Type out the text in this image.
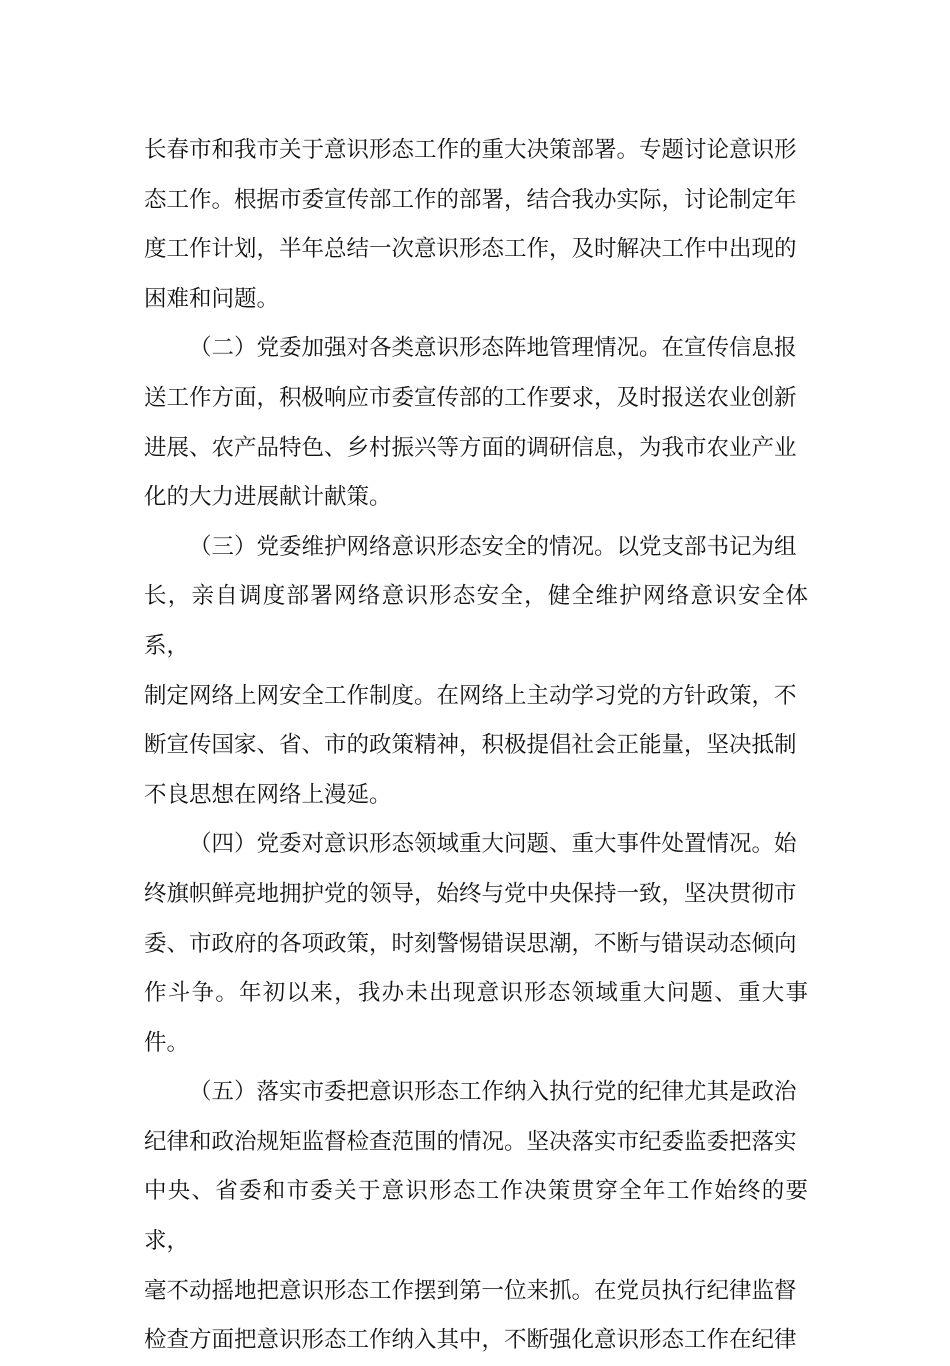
长春市和我市关于意识形态工作的重大决策部署。专题讨论意识形
态工作。根据市委宣传部工作的部署，结合我办实际，讨论制定年
度工作计划，半年总结一次意识形态工作，及时解决工作中出现的
困难和问题。

（二）党委加强对各类意识形态阵地管理情况。在宣传信息报
送工作方面，积极响应市委宣传部的工作要求，及时报送农业创新
进展、农产品特色、乡村振兴等方面的调研信息，为我市农业产业
化的大力进展献计献策。

（三）党委维护网络意识形态安全的情况。以党支部书记为组
长，亲自调度部署网络意识形态安全，健全维护网络意识安全体系，
制定网络上网安全工作制度。在网络上主动学习党的方针政策，不
断宣传国家、省、市的政策精神，积极提倡社会正能量，坚决抵制
不良思想在网络上漫延。

（四）党委对意识形态领域重大问题、重大事件处置情况。始
终旗帜鲜亮地拥护党的领导，始终与党中央保持一致，坚决贯彻市
委、市政府的各项政策，时刻警惕错误思潮，不断与错误动态倾向
作斗争。年初以来，我办未出现意识形态领域重大问题、重大事件。

（五）落实市委把意识形态工作纳入执行党的纪律尤其是政治
纪律和政治规矩监督检查范围的情况。坚决落实市纪委监委把落实
中央、省委和市委关于意识形态工作决策贯穿全年工作始终的要求，
毫不动摇地把意识形态工作摆到第一位来抓。在党员执行纪律监督
检查方面把意识形态工作纳入其中，不断强化意识形态工作在纪律
